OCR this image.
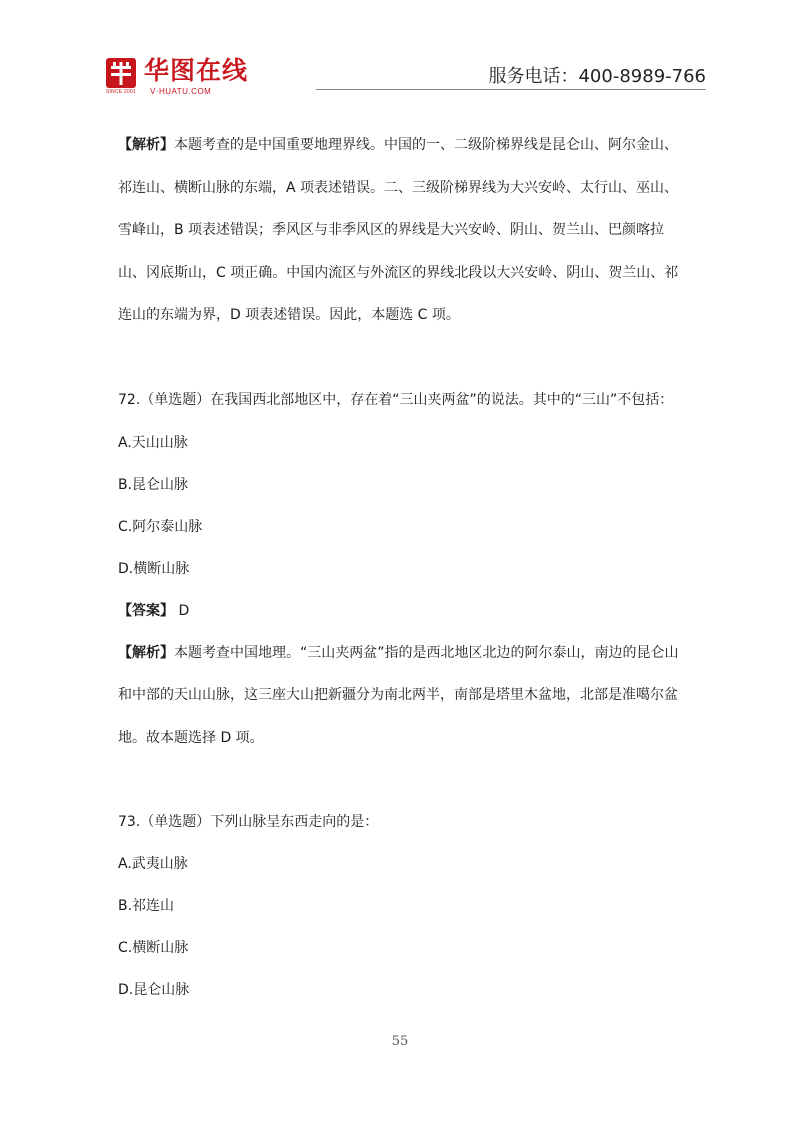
SINCE 2001
华图在线
V·HUATU.COM
服务电话：400-8989-766

【解析】本题考查的是中国重要地理界线。中国的一、二级阶梯界线是昆仑山、阿尔金山、祁连山、横断山脉的东端，A 项表述错误。二、三级阶梯界线为大兴安岭、太行山、巫山、雪峰山，B 项表述错误；季风区与非季风区的界线是大兴安岭、阴山、贺兰山、巴颜喀拉山、冈底斯山，C 项正确。中国内流区与外流区的界线北段以大兴安岭、阴山、贺兰山、祁连山的东端为界，D 项表述错误。因此，本题选 C 项。

72.（单选题）在我国西北部地区中，存在着“三山夹两盆”的说法。其中的“三山”不包括：

A.天山山脉

B.昆仑山脉

C.阿尔泰山脉

D.横断山脉

【答案】 D

【解析】本题考查中国地理。“三山夹两盆”指的是西北地区北边的阿尔泰山，南边的昆仑山和中部的天山山脉，这三座大山把新疆分为南北两半，南部是塔里木盆地，北部是准噶尔盆地。故本题选择 D 项。

73.（单选题）下列山脉呈东西走向的是：

A.武夷山脉

B.祁连山

C.横断山脉

D.昆仑山脉

55
